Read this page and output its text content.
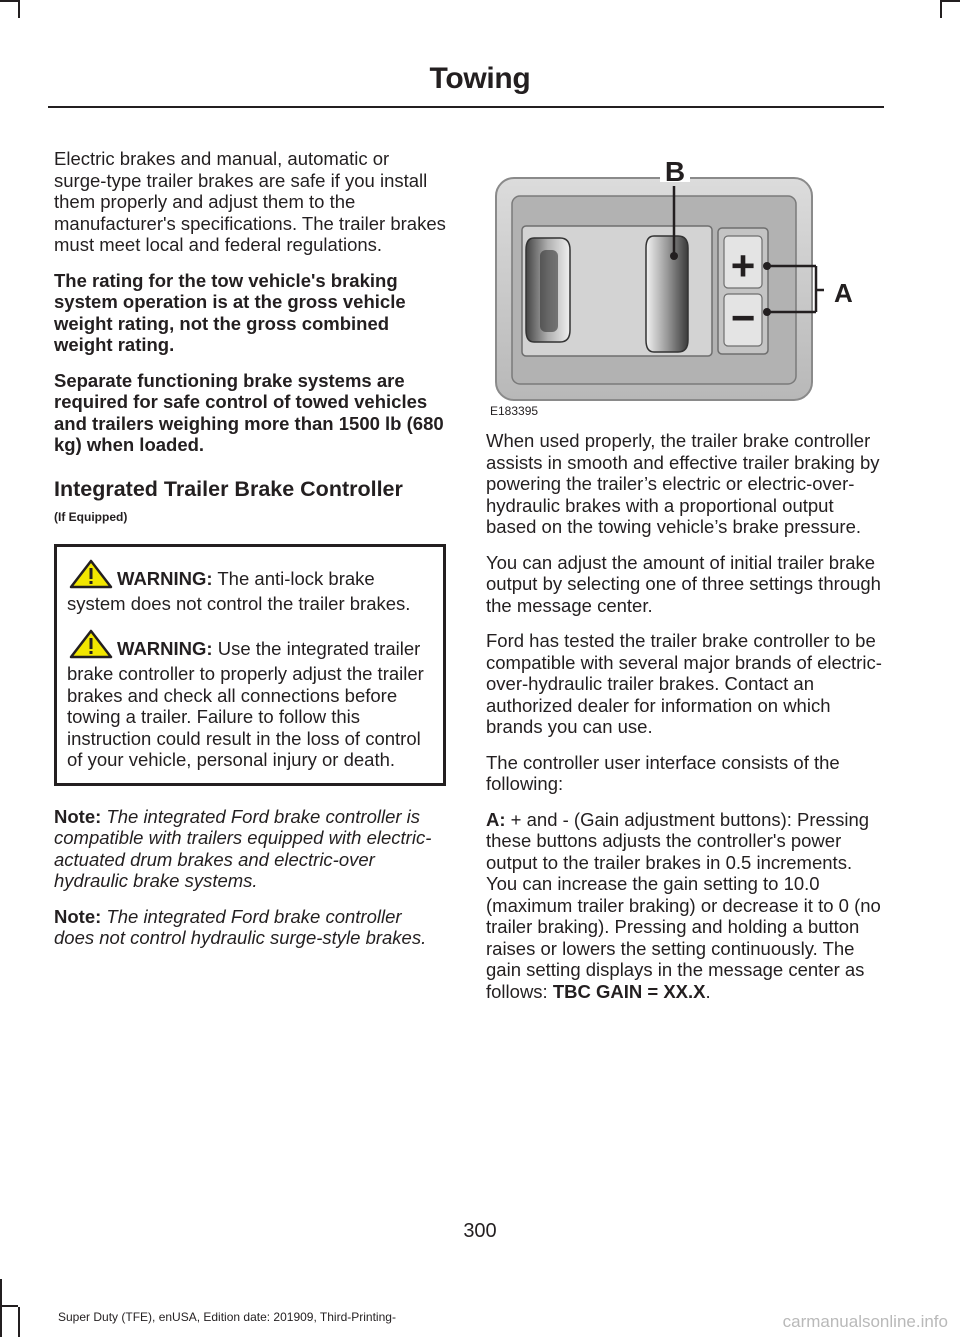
Towing

Electric brakes and manual, automatic or surge-type trailer brakes are safe if you install them properly and adjust them to the manufacturer's specifications. The trailer brakes must meet local and federal regulations.

The rating for the tow vehicle's braking system operation is at the gross vehicle weight rating, not the gross combined weight rating.

Separate functioning brake systems are required for safe control of towed vehicles and trailers weighing more than 1500 lb (680 kg) when loaded.

Integrated Trailer Brake Controller
(If Equipped)

WARNING: The anti-lock brake system does not control the trailer brakes.

WARNING: Use the integrated trailer brake controller to properly adjust the trailer brakes and check all connections before towing a trailer. Failure to follow this instruction could result in the loss of control of your vehicle, personal injury or death.

Note: The integrated Ford brake controller is compatible with trailers equipped with electric-actuated drum brakes and electric-over hydraulic brake systems.

Note: The integrated Ford brake controller does not control hydraulic surge-style brakes.

B
+
−
A
E183395

When used properly, the trailer brake controller assists in smooth and effective trailer braking by powering the trailer’s electric or electric-over-hydraulic brakes with a proportional output based on the towing vehicle’s brake pressure.

You can adjust the amount of initial trailer brake output by selecting one of three settings through the message center.

Ford has tested the trailer brake controller to be compatible with several major brands of electric-over-hydraulic trailer brakes. Contact an authorized dealer for information on which brands you can use.

The controller user interface consists of the following:

A: + and - (Gain adjustment buttons): Pressing these buttons adjusts the controller's power output to the trailer brakes in 0.5 increments. You can increase the gain setting to 10.0 (maximum trailer braking) or decrease it to 0 (no trailer braking). Pressing and holding a button raises or lowers the setting continuously. The gain setting displays in the message center as follows: TBC GAIN = XX.X.

300
Super Duty (TFE), enUSA, Edition date: 201909, Third-Printing-	carmanualsonline.info
